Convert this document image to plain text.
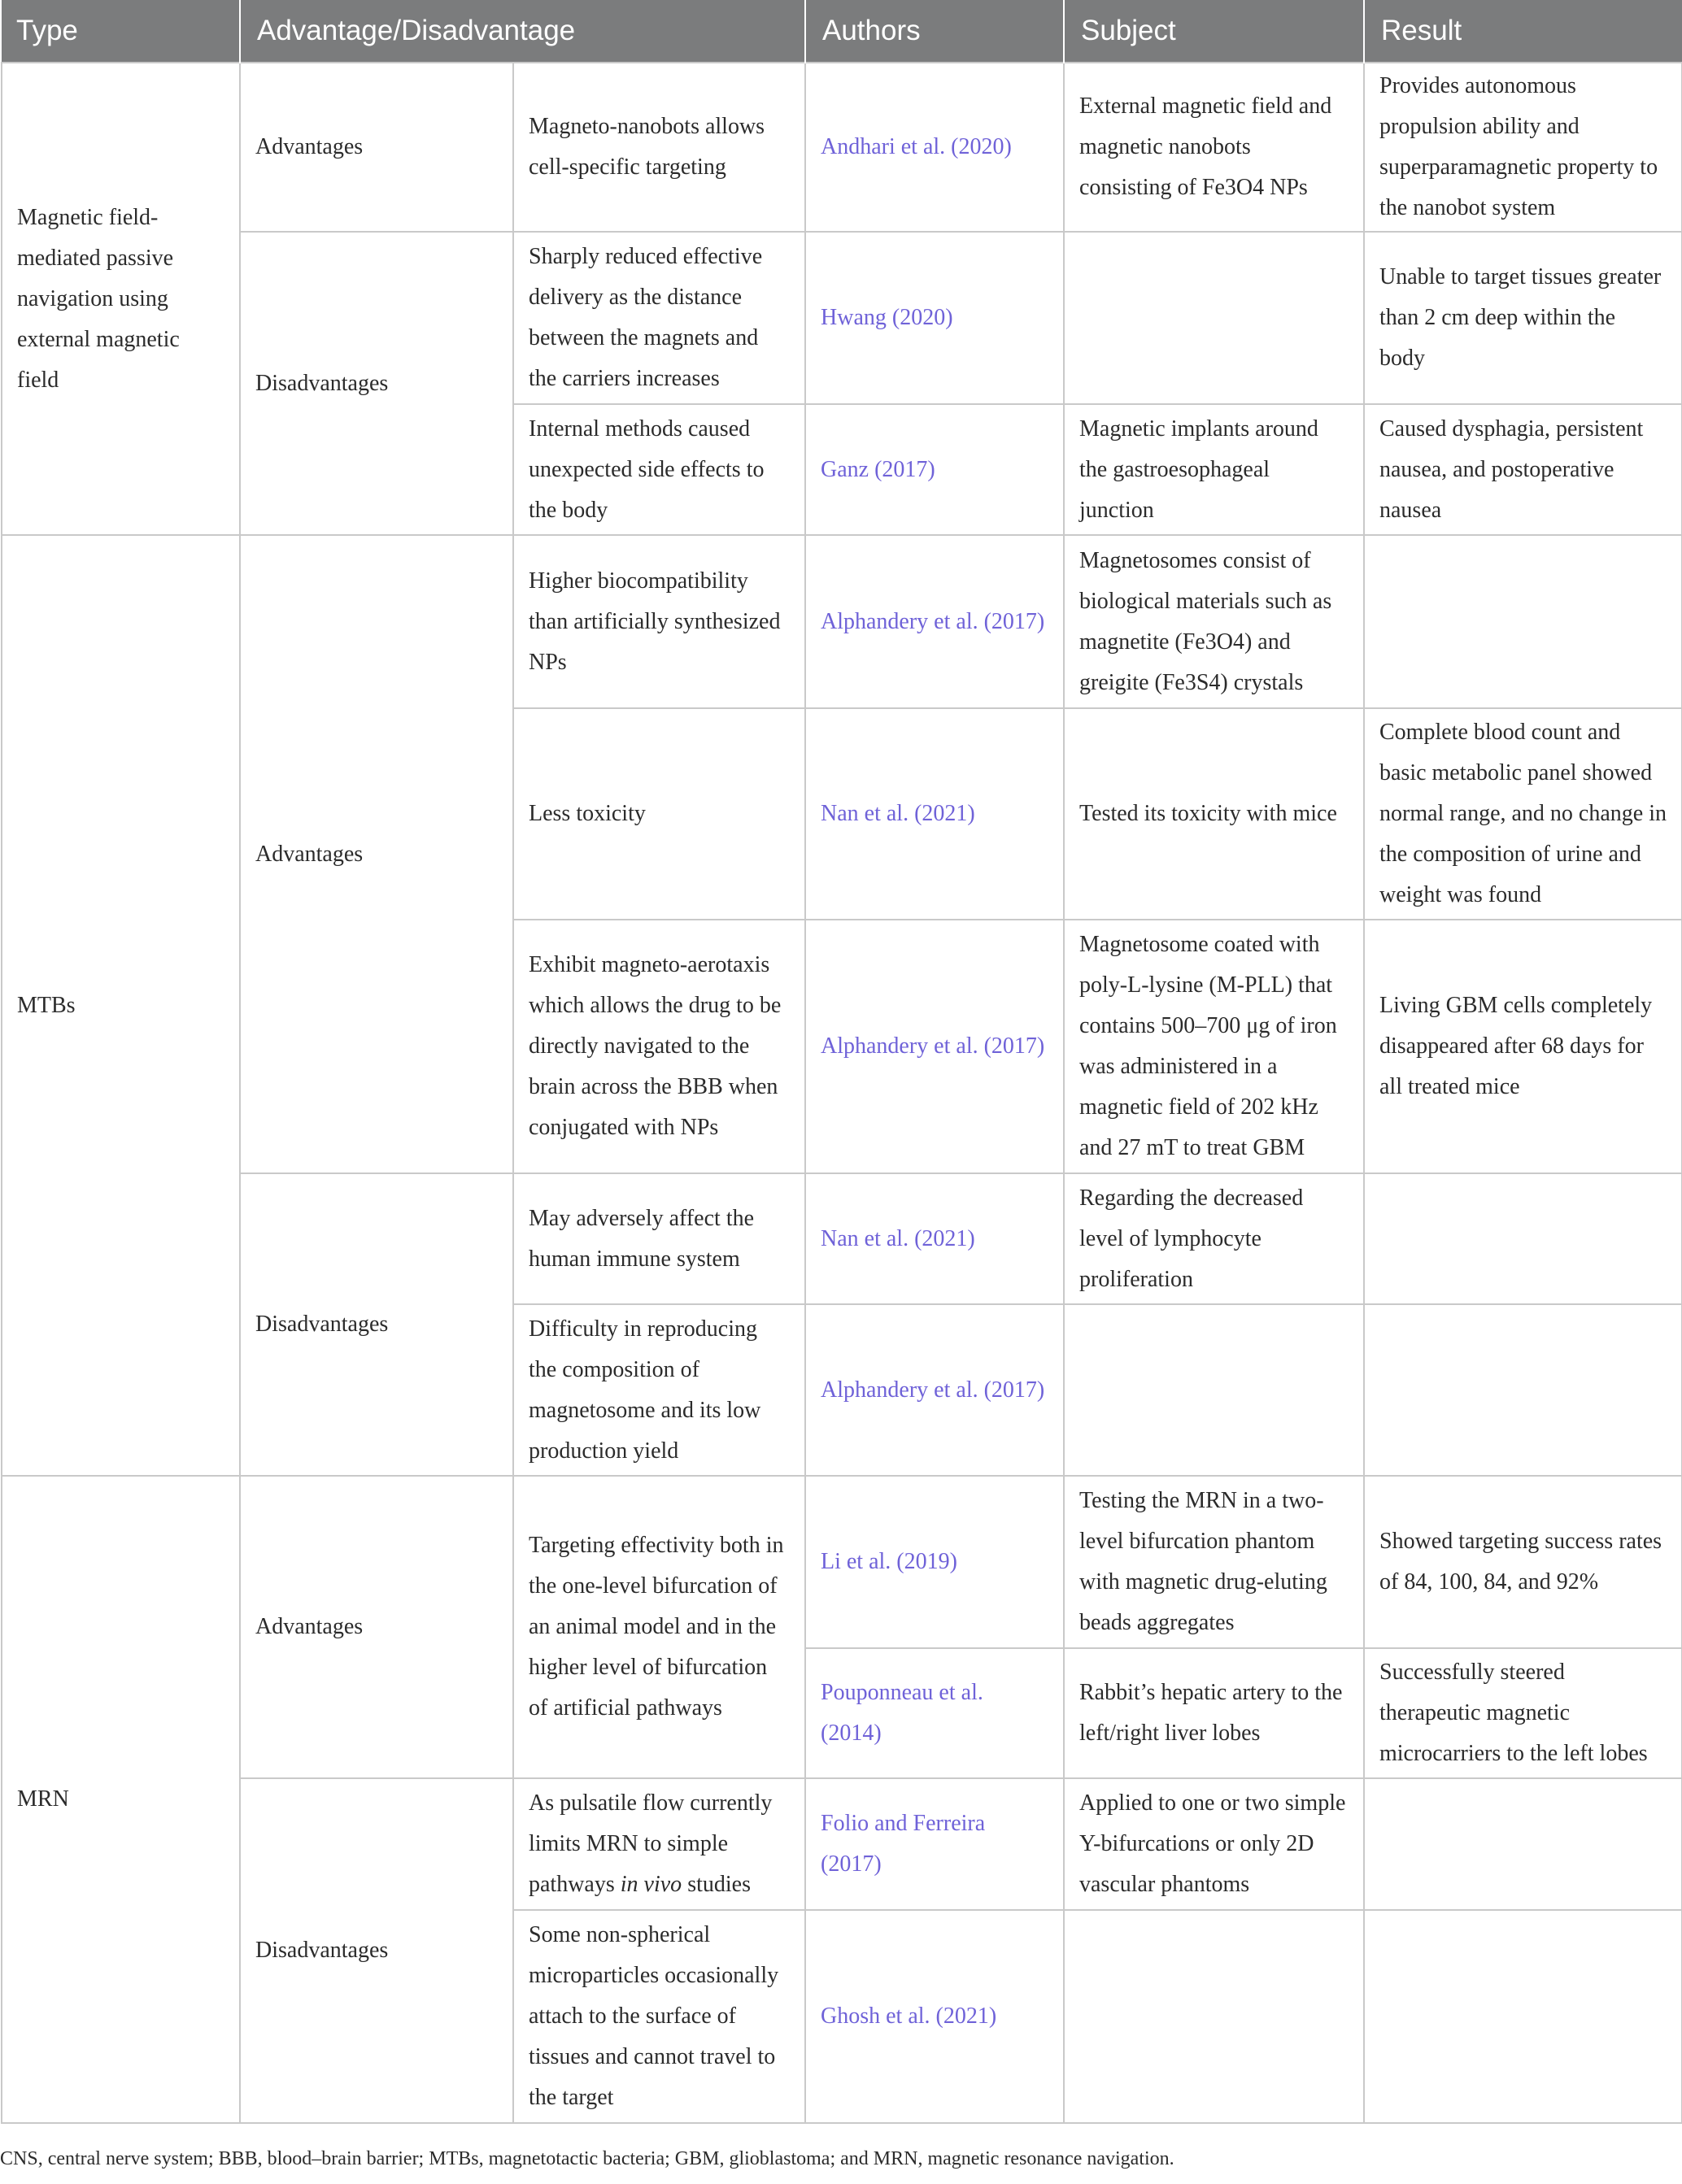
Type	Advantage/Disadvantage		Authors	Subject	Result
Magnetic field-mediated passive navigation using external magnetic field	Advantages	Magneto-nanobots allows cell-specific targeting	Andhari et al. (2020)	External magnetic field and magnetic nanobots consisting of Fe3O4 NPs	Provides autonomous propulsion ability and superparamagnetic property to the nanobot system
	Disadvantages	Sharply reduced effective delivery as the distance between the magnets and the carriers increases	Hwang (2020)		Unable to target tissues greater than 2 cm deep within the body
		Internal methods caused unexpected side effects to the body	Ganz (2017)	Magnetic implants around the gastroesophageal junction	Caused dysphagia, persistent nausea, and postoperative nausea
MTBs	Advantages	Higher biocompatibility than artificially synthesized NPs	Alphandery et al. (2017)	Magnetosomes consist of biological materials such as magnetite (Fe3O4) and greigite (Fe3S4) crystals	
		Less toxicity	Nan et al. (2021)	Tested its toxicity with mice	Complete blood count and basic metabolic panel showed normal range, and no change in the composition of urine and weight was found
		Exhibit magneto-aerotaxis which allows the drug to be directly navigated to the brain across the BBB when conjugated with NPs	Alphandery et al. (2017)	Magnetosome coated with poly-L-lysine (M-PLL) that contains 500–700 μg of iron was administered in a magnetic field of 202 kHz and 27 mT to treat GBM	Living GBM cells completely disappeared after 68 days for all treated mice
	Disadvantages	May adversely affect the human immune system	Nan et al. (2021)	Regarding the decreased level of lymphocyte proliferation	
		Difficulty in reproducing the composition of magnetosome and its low production yield	Alphandery et al. (2017)		
MRN	Advantages	Targeting effectivity both in the one-level bifurcation of an animal model and in the higher level of bifurcation of artificial pathways	Li et al. (2019)	Testing the MRN in a two-level bifurcation phantom with magnetic drug-eluting beads aggregates	Showed targeting success rates of 84, 100, 84, and 92%
			Pouponneau et al. (2014)	Rabbit’s hepatic artery to the left/right liver lobes	Successfully steered therapeutic magnetic microcarriers to the left lobes
	Disadvantages	As pulsatile flow currently limits MRN to simple pathways in vivo studies	Folio and Ferreira (2017)	Applied to one or two simple Y-bifurcations or only 2D vascular phantoms	
		Some non-spherical microparticles occasionally attach to the surface of tissues and cannot travel to the target	Ghosh et al. (2021)		
CNS, central nerve system; BBB, blood–brain barrier; MTBs, magnetotactic bacteria; GBM, glioblastoma; and MRN, magnetic resonance navigation.
